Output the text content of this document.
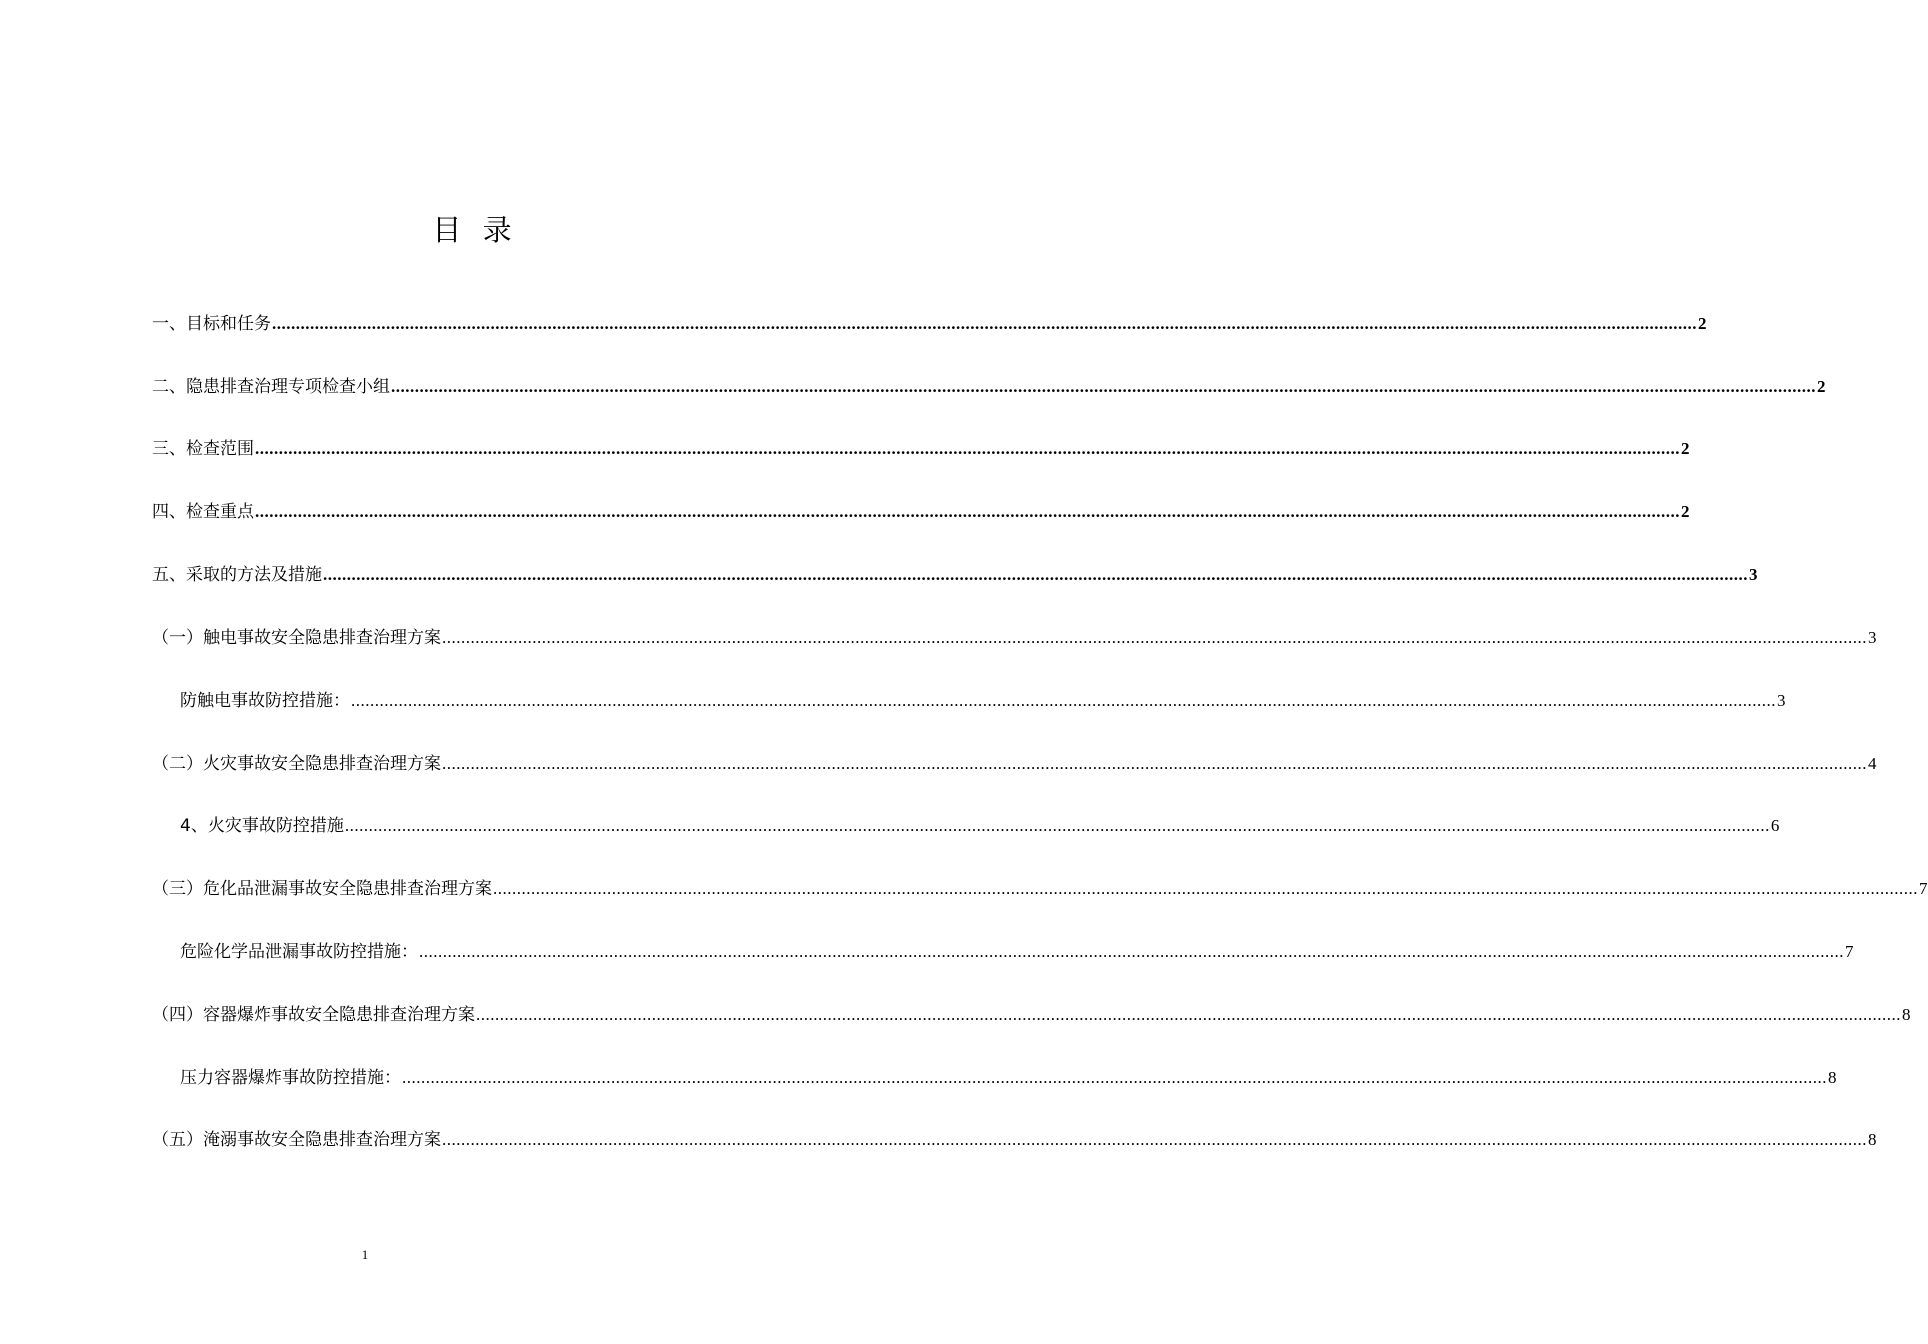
目 录
一、目标和任务 ............................................................................................................................................................................................................................................................................................................ 2
二、隐患排查治理专项检查小组 ............................................................................................................................................................................................................................................................................................................ 2
三、检查范围 ............................................................................................................................................................................................................................................................................................................ 2
四、检查重点 ............................................................................................................................................................................................................................................................................................................ 2
五、采取的方法及措施 ............................................................................................................................................................................................................................................................................................................ 3
（一）触电事故安全隐患排查治理方案 ............................................................................................................................................................................................................................................................................................................ 3
防触电事故防控措施： ............................................................................................................................................................................................................................................................................................................ 3
（二）火灾事故安全隐患排查治理方案 ............................................................................................................................................................................................................................................................................................................ 4
4、火灾事故防控措施 ............................................................................................................................................................................................................................................................................................................ 6
（三）危化品泄漏事故安全隐患排查治理方案 ............................................................................................................................................................................................................................................................................................................ 7
危险化学品泄漏事故防控措施： ............................................................................................................................................................................................................................................................................................................ 7
（四）容器爆炸事故安全隐患排查治理方案 ............................................................................................................................................................................................................................................................................................................ 8
压力容器爆炸事故防控措施： ............................................................................................................................................................................................................................................................................................................ 8
（五）淹溺事故安全隐患排查治理方案 ............................................................................................................................................................................................................................................................................................................ 8
1
